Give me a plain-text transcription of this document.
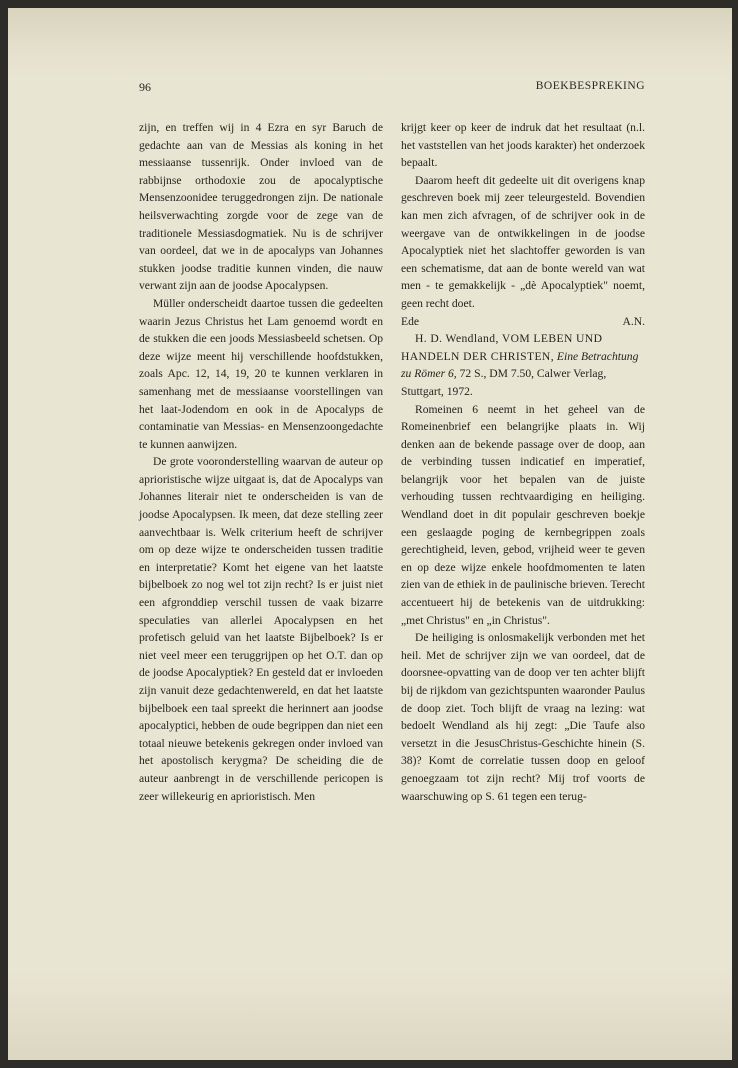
96	BOEKBESPREKING

zijn, en treffen wij in 4 Ezra en syr Baruch de gedachte aan van de Messias als koning in het messiaanse tussenrijk. Onder invloed van de rabbijnse orthodoxie zou de apocalyptische Mensenzoonidee teruggedrongen zijn. De nationale heilsverwachting zorgde voor de zege van de traditionele Messiasdogmatiek. Nu is de schrijver van oordeel, dat we in de apocalyps van Johannes stukken joodse traditie kunnen vinden, die nauw verwant zijn aan de joodse Apocalypsen.

Müller onderscheidt daartoe tussen die gedeelten waarin Jezus Christus het Lam genoemd wordt en de stukken die een joods Messiasbeeld schetsen. Op deze wijze meent hij verschillende hoofdstukken, zoals Apc. 12, 14, 19, 20 te kunnen verklaren in samenhang met de messiaanse voorstellingen van het laat-Jodendom en ook in de Apocalyps de contaminatie van Messias- en Mensenzoongedachte te kunnen aanwijzen.

De grote vooronderstelling waarvan de auteur op aprioristische wijze uitgaat is, dat de Apocalyps van Johannes literair niet te onderscheiden is van de joodse Apocalypsen. Ik meen, dat deze stelling zeer aanvechtbaar is. Welk criterium heeft de schrijver om op deze wijze te onderscheiden tussen traditie en interpretatie? Komt het eigene van het laatste bijbelboek zo nog wel tot zijn recht? Is er juist niet een afgronddiep verschil tussen de vaak bizarre speculaties van allerlei Apocalypsen en het profetisch geluid van het laatste Bijbelboek? Is er niet veel meer een teruggrijpen op het O.T. dan op de joodse Apocalyptiek? En gesteld dat er invloeden zijn vanuit deze gedachtenwereld, en dat het laatste bijbelboek een taal spreekt die herinnert aan joodse apocalyptici, hebben de oude begrippen dan niet een totaal nieuwe betekenis gekregen onder invloed van het apostolisch kerygma? De scheiding die de auteur aanbrengt in de verschillende pericopen is zeer willekeurig en aprioristisch. Men

krijgt keer op keer de indruk dat het resultaat (n.l. het vaststellen van het joods karakter) het onderzoek bepaalt.

Daarom heeft dit gedeelte uit dit overigens knap geschreven boek mij zeer teleurgesteld. Bovendien kan men zich afvragen, of de schrijver ook in de weergave van de ontwikkelingen in de joodse Apocalyptiek niet het slachtoffer geworden is van een schematisme, dat aan de bonte wereld van wat men - te gemakkelijk - „dè Apocalyptiek" noemt, geen recht doet.

Ede	A.N.

H. D. Wendland, VOM LEBEN UND HANDELN DER CHRISTEN, Eine Betrachtung zu Römer 6, 72 S., DM 7.50, Calwer Verlag, Stuttgart, 1972.

Romeinen 6 neemt in het geheel van de Romeinenbrief een belangrijke plaats in. Wij denken aan de bekende passage over de doop, aan de verbinding tussen indicatief en imperatief, belangrijk voor het bepalen van de juiste verhouding tussen rechtvaardiging en heiliging. Wendland doet in dit populair geschreven boekje een geslaagde poging de kernbegrippen zoals gerechtigheid, leven, gebod, vrijheid weer te geven en op deze wijze enkele hoofdmomenten te laten zien van de ethiek in de paulinische brieven. Terecht accentueert hij de betekenis van de uitdrukking: „met Christus" en „in Christus".

De heiliging is onlosmakelijk verbonden met het heil. Met de schrijver zijn we van oordeel, dat de doorsnee-opvatting van de doop ver ten achter blijft bij de rijkdom van gezichtspunten waaronder Paulus de doop ziet. Toch blijft de vraag na lezing: wat bedoelt Wendland als hij zegt: „Die Taufe also versetzt in die JesusChristus-Geschichte hinein (S. 38)? Komt de correlatie tussen doop en geloof genoegzaam tot zijn recht? Mij trof voorts de waarschuwing op S. 61 tegen een terug-
